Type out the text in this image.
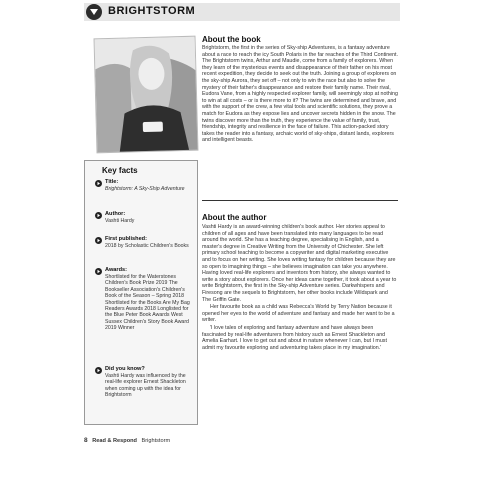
BRIGHTSTORM
Key facts
Title:
Brightstorm: A Sky-Ship Adventure
Author:
Vashti Hardy
First published:
2018 by Scholastic Children's Books
Awards:
Shortlisted for the Waterstones Children's Book Prize 2019 The Bookseller Association's Children's Book of the Season – Spring 2018 Shortlisted for the Books Are My Bag Readers Awards 2018 Longlisted for the Blue Peter Book Awards West Sussex Children's Story Book Award 2019 Winner
Did you know?
Vashti Hardy was influenced by the real-life explorer Ernest Shackleton when coming up with the idea for Brightstorm
About the book
Brightstorm, the first in the series of Sky-ship Adventures, is a fantasy adventure about a race to reach the icy South Polaris in the far reaches of the Third Continent. The Brightstorm twins, Arthur and Maudie, come from a family of explorers. When they learn of the mysterious events and disappearance of their father on his most recent expedition, they decide to seek out the truth. Joining a group of explorers on the sky-ship Aurora, they set off – not only to win the race but also to solve the mystery of their father's disappearance and restore their family name. Their rival, Eudora Vane, from a highly respected explorer family, will seemingly stop at nothing to win at all costs – or is there more to it? The twins are determined and brave, and with the support of the crew, a few vital tools and scientific solutions, they prove a match for Eudora as they expose lies and uncover secrets hidden in the snow. The twins discover more than the truth, they experience the value of family, trust, friendship, integrity and resilience in the face of failure. This action-packed story takes the reader into a fantasy, archaic world of sky-ships, distant lands, explorers and intelligent beasts.
About the author

Vashti Hardy is an award-winning children's book author. Her stories appeal to children of all ages and have been translated into many languages to be read around the world. She has a teaching degree, specialising in English, and a master's degree in Creative Writing from the University of Chichester. She left primary school teaching to become a copywriter and digital marketing executive and to focus on her writing. She loves writing fantasy for children because they are so open to imagining things – she believes imagination can take you anywhere. Having loved real-life explorers and inventors from history, she always wanted to write a story about explorers. Once her ideas came together, it took about a year to write Brightstorm, the first in the Sky-ship Adventure series. Darkwhispers and Firesong are the sequels to Brightstorm, her other books include Wildspark and The Griffin Gate.

Her favourite book as a child was Rebecca's World by Terry Nation because it opened her eyes to the world of adventure and fantasy and made her want to be a writer.

'I love tales of exploring and fantasy adventure and have always been fascinated by real-life adventurers from history such as Ernest Shackleton and Amelia Earhart. I love to get out and about in nature whenever I can, but I must admit my favourite exploring and adventuring takes place in my imagination.'

8 Read & Respond Brightstorm
